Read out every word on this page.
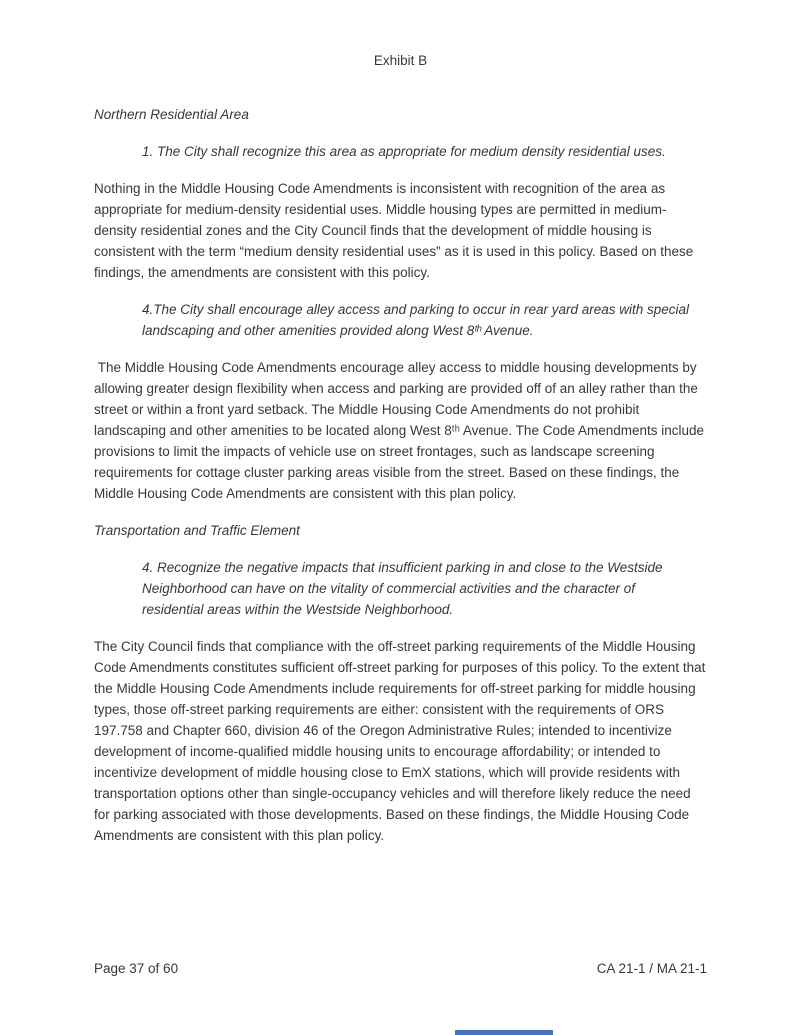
Exhibit B

Northern Residential Area

1. The City shall recognize this area as appropriate for medium density residential uses.

Nothing in the Middle Housing Code Amendments is inconsistent with recognition of the area as appropriate for medium-density residential uses. Middle housing types are permitted in medium-density residential zones and the City Council finds that the development of middle housing is consistent with the term “medium density residential uses” as it is used in this policy. Based on these findings, the amendments are consistent with this policy.

4.The City shall encourage alley access and parking to occur in rear yard areas with special landscaping and other amenities provided along West 8ᵗʰ Avenue.

The Middle Housing Code Amendments encourage alley access to middle housing developments by allowing greater design flexibility when access and parking are provided off of an alley rather than the street or within a front yard setback. The Middle Housing Code Amendments do not prohibit landscaping and other amenities to be located along West 8ᵗʰ Avenue. The Code Amendments include provisions to limit the impacts of vehicle use on street frontages, such as landscape screening requirements for cottage cluster parking areas visible from the street. Based on these findings, the Middle Housing Code Amendments are consistent with this plan policy.

Transportation and Traffic Element

4. Recognize the negative impacts that insufficient parking in and close to the Westside Neighborhood can have on the vitality of commercial activities and the character of residential areas within the Westside Neighborhood.

The City Council finds that compliance with the off-street parking requirements of the Middle Housing Code Amendments constitutes sufficient off-street parking for purposes of this policy. To the extent that the Middle Housing Code Amendments include requirements for off-street parking for middle housing types, those off-street parking requirements are either: consistent with the requirements of ORS 197.758 and Chapter 660, division 46 of the Oregon Administrative Rules; intended to incentivize development of income-qualified middle housing units to encourage affordability; or intended to incentivize development of middle housing close to EmX stations, which will provide residents with transportation options other than single-occupancy vehicles and will therefore likely reduce the need for parking associated with those developments. Based on these findings, the Middle Housing Code Amendments are consistent with this plan policy.

Page 37 of 60	CA 21-1 / MA 21-1
